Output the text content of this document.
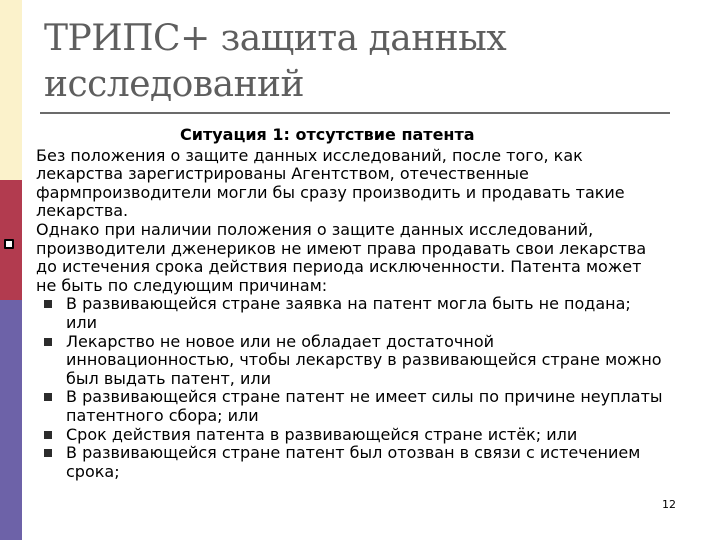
ТРИПС+ защита данных
исследований
Ситуация 1: отсутствие патента

Без положения о защите данных исследований, после того, как лекарства зарегистрированы Агентством, отечественные фармпроизводители могли бы сразу производить и продавать такие лекарства.

Однако при наличии положения о защите данных исследований, производители дженериков не имеют права продавать свои лекарства до истечения срока действия периода исключенности. Патента может не быть по следующим причинам:

В развивающейся стране заявка на патент могла быть не подана; или
Лекарство не новое или не обладает достаточной инновационностью, чтобы лекарству в развивающейся стране можно был выдать патент, или
В развивающейся стране патент не имеет силы по причине неуплаты патентного сбора; или
Срок действия патента в развивающейся стране истёк; или
В развивающейся стране патент был отозван в связи с истечением срока;
12
